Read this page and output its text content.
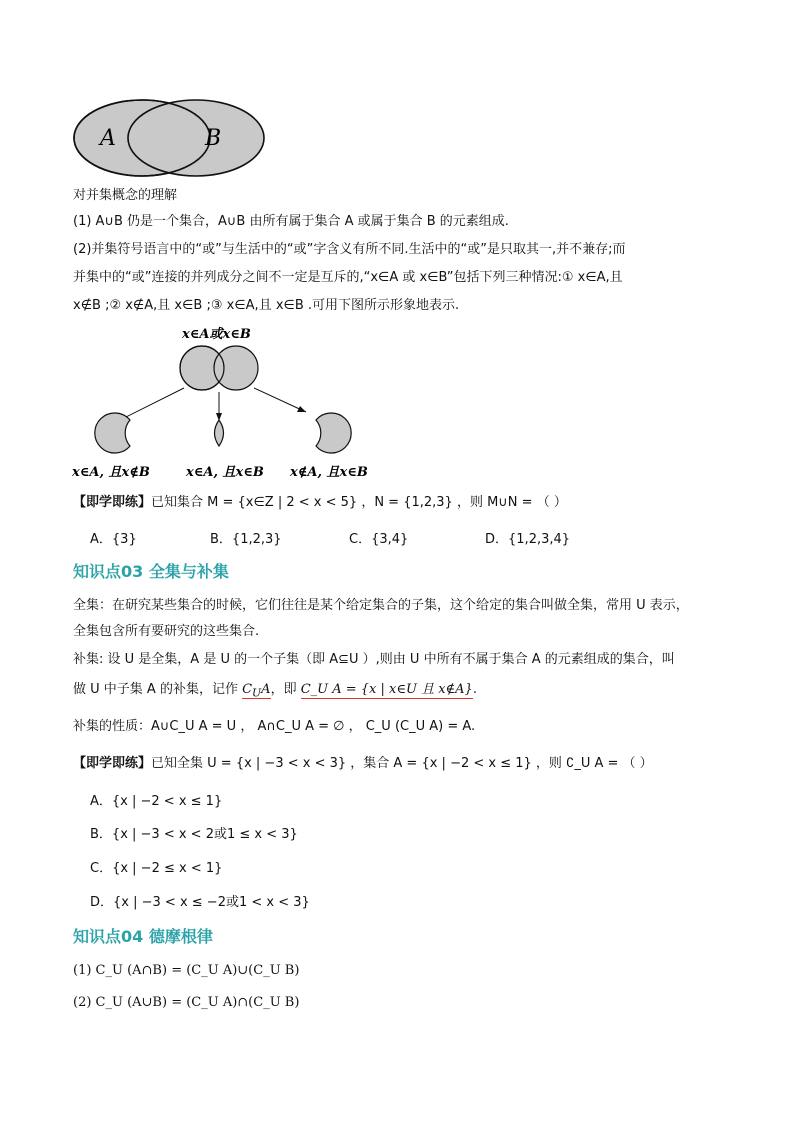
A	B
对并集概念的理解
(1) A∪B 仍是一个集合，A∪B 由所有属于集合 A 或属于集合 B 的元素组成.
(2)并集符号语言中的“或”与生活中的“或”字含义有所不同.生活中的“或”是只取其一,并不兼存;而
并集中的“或”连接的并列成分之间不一定是互斥的,“x∈A 或 x∈B”包括下列三种情况:① x∈A,且
x∉B ;② x∉A,且 x∈B ;③ x∈A,且 x∈B .可用下图所示形象地表示.
x∈A或x∈B
x∈A, 且x∉B	x∈A, 且x∈B x∉A, 且x∈B
【即学即练】已知集合 M = {x∈Z | 2 < x < 5} ，N = {1,2,3} ，则 M∪N = （ ）
A．{3}	B．{1,2,3}	C．{3,4}	D．{1,2,3,4}
知识点03 全集与补集
全集：在研究某些集合的时候，它们往往是某个给定集合的子集，这个给定的集合叫做全集，常用 U 表示，
全集包含所有要研究的这些集合.
补集: 设 U 是全集，A 是 U 的一个子集（即 A⊆U ）,则由 U 中所有不属于集合 A 的元素组成的集合，叫
做 U 中子集 A 的补集，记作 $C_UA$，即 C_U A = {x | x∈U 且 x∉A}.
补集的性质：A∪C_U A = U ， A∩C_U A = ∅ ， C_U (C_U A) = A.
【即学即练】已知全集 U = {x | −3 < x < 3} ，集合 A = {x | −2 < x ≤ 1} ，则 ∁_U A = （ ）
A．{x | −2 < x ≤ 1}
B．{x | −3 < x < 2或1 ≤ x < 3}
C．{x | −2 ≤ x < 1}
D．{x | −3 < x ≤ −2或1 < x < 3}
知识点04 德摩根律
(1) C_U (A∩B) = (C_U A)∪(C_U B)
(2) C_U (A∪B) = (C_U A)∩(C_U B)
